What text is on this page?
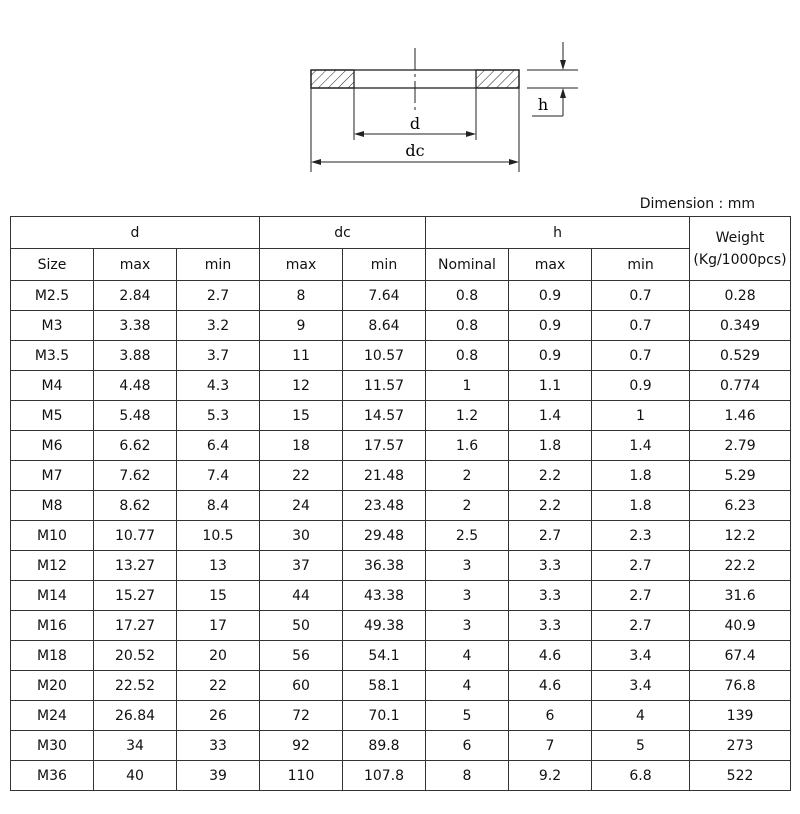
d
dc
h
Dimension : mm
d			dc		h			Weight
(Kg/1000pcs)
Size	max	min	max	min	Nominal	max	min	
M2.5	2.84	2.7	8	7.64	0.8	0.9	0.7	0.28
M3	3.38	3.2	9	8.64	0.8	0.9	0.7	0.349
M3.5	3.88	3.7	11	10.57	0.8	0.9	0.7	0.529
M4	4.48	4.3	12	11.57	1	1.1	0.9	0.774
M5	5.48	5.3	15	14.57	1.2	1.4	1	1.46
M6	6.62	6.4	18	17.57	1.6	1.8	1.4	2.79
M7	7.62	7.4	22	21.48	2	2.2	1.8	5.29
M8	8.62	8.4	24	23.48	2	2.2	1.8	6.23
M10	10.77	10.5	30	29.48	2.5	2.7	2.3	12.2
M12	13.27	13	37	36.38	3	3.3	2.7	22.2
M14	15.27	15	44	43.38	3	3.3	2.7	31.6
M16	17.27	17	50	49.38	3	3.3	2.7	40.9
M18	20.52	20	56	54.1	4	4.6	3.4	67.4
M20	22.52	22	60	58.1	4	4.6	3.4	76.8
M24	26.84	26	72	70.1	5	6	4	139
M30	34	33	92	89.8	6	7	5	273
M36	40	39	110	107.8	8	9.2	6.8	522
